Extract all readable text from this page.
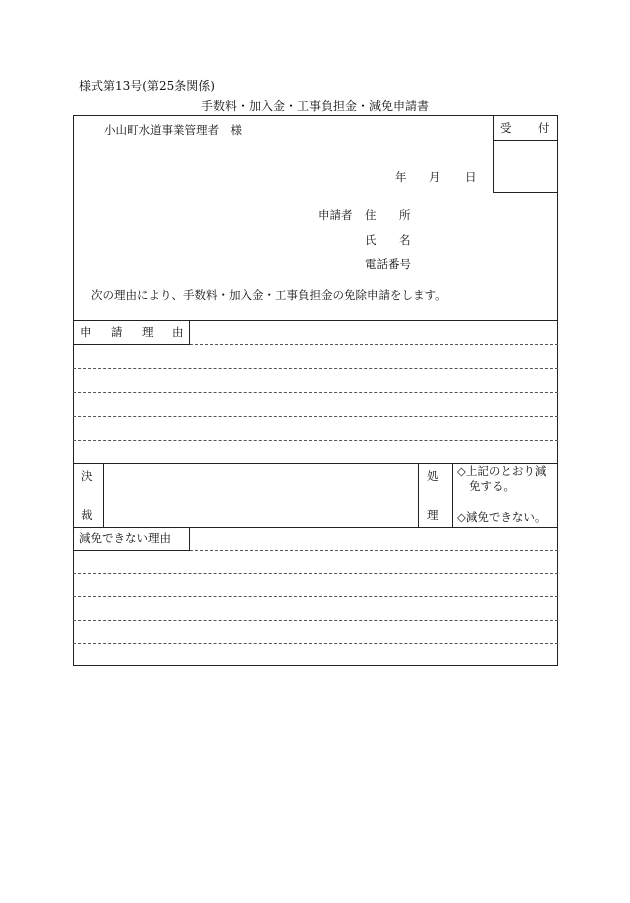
様式第13号(第25条関係)
手数料・加入金・工事負担金・減免申請書
受 付
小山町水道事業管理者　様
年 月 日
申請者 住 所
氏 名
電話番号
次の理由により、手数料・加入金・工事負担金の免除申請をします。
申 請 理 由
決
裁
処
理
◇上記のとおり減
免する。
◇減免できない。
減免できない理由
